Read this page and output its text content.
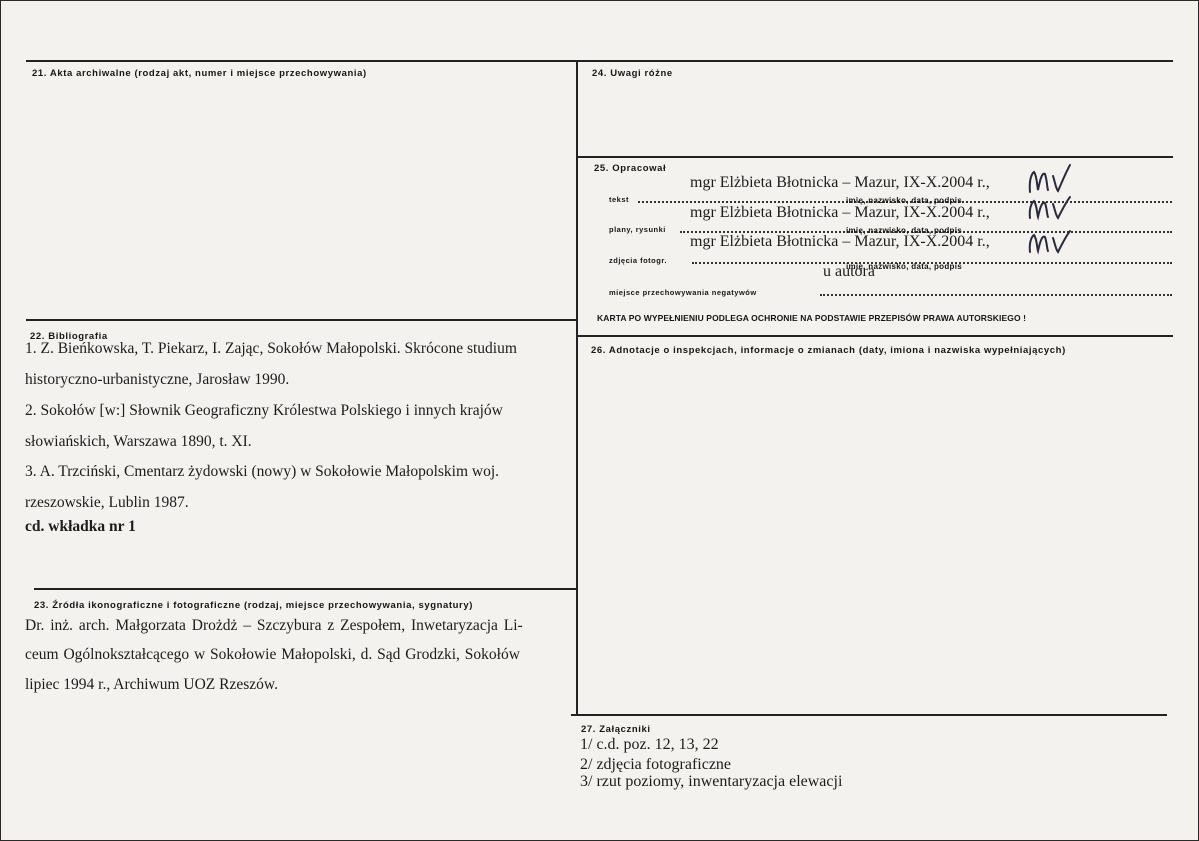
21. Akta archiwalne (rodzaj akt, numer i miejsce przechowywania)
22. Bibliografia
1. Z. Bieńkowska, T. Piekarz, I. Zając, Sokołów Małopolski. Skrócone studium
historyczno-urbanistyczne, Jarosław 1990.
2. Sokołów [w:] Słownik Geograficzny Królestwa Polskiego i innych krajów
słowiańskich, Warszawa 1890, t. XI.
3. A. Trzciński, Cmentarz żydowski (nowy) w Sokołowie Małopolskim woj.
rzeszowskie, Lublin 1987.
cd. wkładka nr 1
23. Źródła ikonograficzne i fotograficzne (rodzaj, miejsce przechowywania, sygnatury)
Dr. inż. arch. Małgorzata Drożdż – Szczybura z Zespołem, Inwetaryzacja Li-
ceum Ogólnokształcącego w Sokołowie Małopolski, d. Sąd Grodzki, Sokołów
lipiec 1994 r., Archiwum UOZ Rzeszów.
24. Uwagi różne
25. Opracował
tekst
mgr Elżbieta Błotnicka – Mazur, IX-X.2004 r.,
imię, nazwisko, data, podpis
plany, rysunki
mgr Elżbieta Błotnicka – Mazur, IX-X.2004 r.,
imię, nazwisko, data, podpis
zdjęcia fotogr.
mgr Elżbieta Błotnicka – Mazur, IX-X.2004 r.,
imię, nazwisko, data, podpis
u autora
miejsce przechowywania negatywów
KARTA PO WYPEŁNIENIU PODLEGA OCHRONIE NA PODSTAWIE PRZEPISÓW PRAWA AUTORSKIEGO !
26. Adnotacje o inspekcjach, informacje o zmianach (daty, imiona i nazwiska wypełniających)
27. Załączniki
1/ c.d. poz. 12, 13, 22
2/ zdjęcia fotograficzne
3/ rzut poziomy, inwentaryzacja elewacji
